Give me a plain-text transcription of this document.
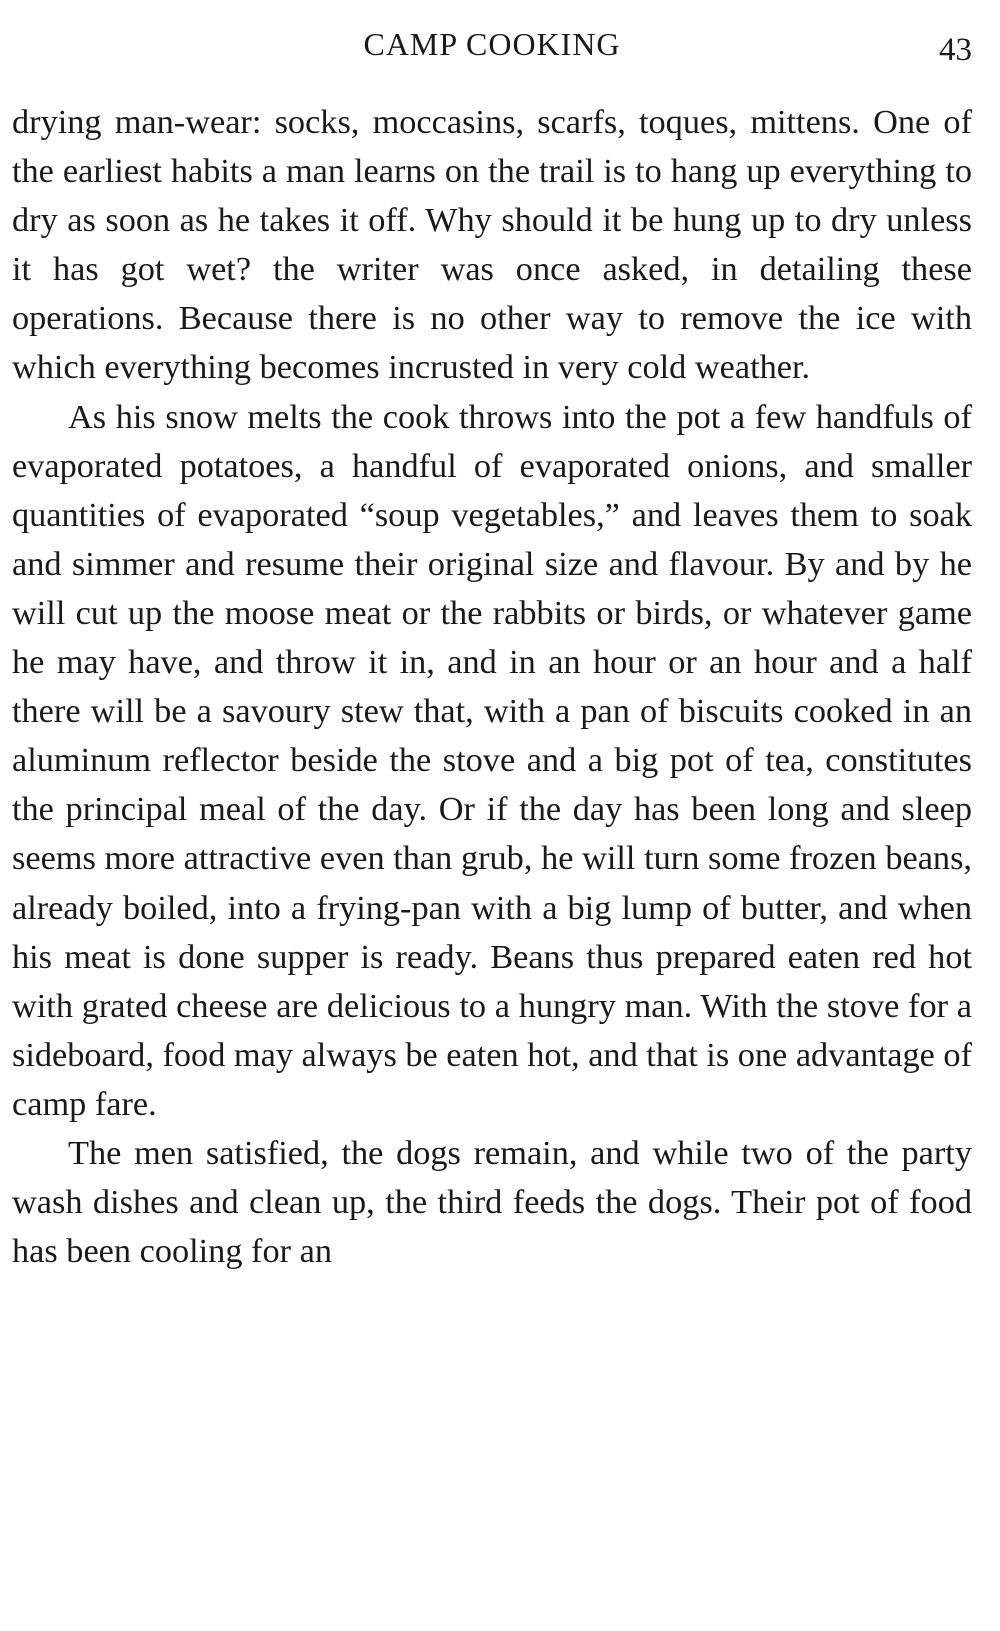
CAMP COOKING	43

drying man-wear: socks, moccasins, scarfs, toques, mittens. One of the earliest habits a man learns on the trail is to hang up everything to dry as soon as he takes it off. Why should it be hung up to dry unless it has got wet? the writer was once asked, in detailing these operations. Because there is no other way to remove the ice with which everything becomes incrusted in very cold weather.

As his snow melts the cook throws into the pot a few handfuls of evaporated potatoes, a handful of evaporated onions, and smaller quantities of evaporated “soup vegetables,” and leaves them to soak and simmer and resume their original size and flavour. By and by he will cut up the moose meat or the rabbits or birds, or whatever game he may have, and throw it in, and in an hour or an hour and a half there will be a savoury stew that, with a pan of biscuits cooked in an aluminum reflector beside the stove and a big pot of tea, constitutes the principal meal of the day. Or if the day has been long and sleep seems more attractive even than grub, he will turn some frozen beans, already boiled, into a frying-pan with a big lump of butter, and when his meat is done supper is ready. Beans thus prepared eaten red hot with grated cheese are delicious to a hungry man. With the stove for a sideboard, food may always be eaten hot, and that is one advantage of camp fare.

The men satisfied, the dogs remain, and while two of the party wash dishes and clean up, the third feeds the dogs. Their pot of food has been cooling for an
